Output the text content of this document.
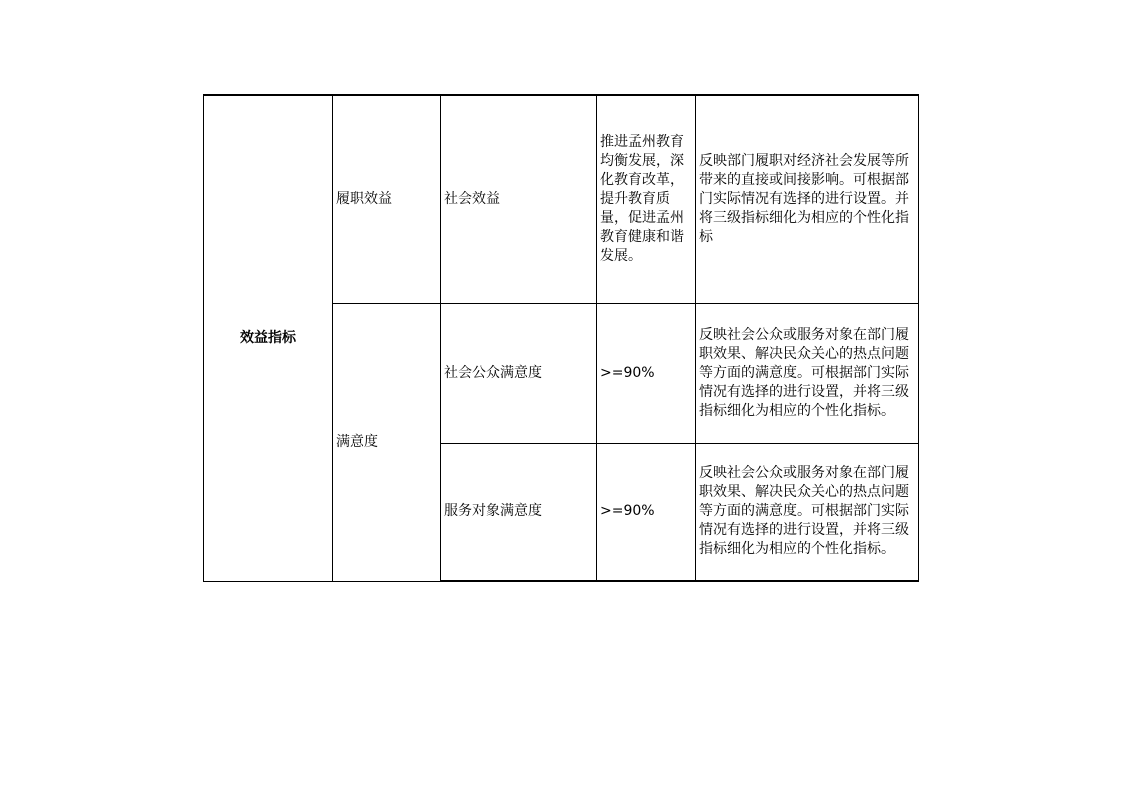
效益指标	履职效益	社会效益	推进孟州教育均衡发展，深化教育改革，提升教育质量，促进孟州教育健康和谐发展。	反映部门履职对经济社会发展等所带来的直接或间接影响。可根据部门实际情况有选择的进行设置。并将三级指标细化为相应的个性化指标
	满意度	社会公众满意度	>=90%	反映社会公众或服务对象在部门履职效果、解决民众关心的热点问题等方面的满意度。可根据部门实际情况有选择的进行设置，并将三级指标细化为相应的个性化指标。
		服务对象满意度	>=90%	反映社会公众或服务对象在部门履职效果、解决民众关心的热点问题等方面的满意度。可根据部门实际情况有选择的进行设置，并将三级指标细化为相应的个性化指标。
